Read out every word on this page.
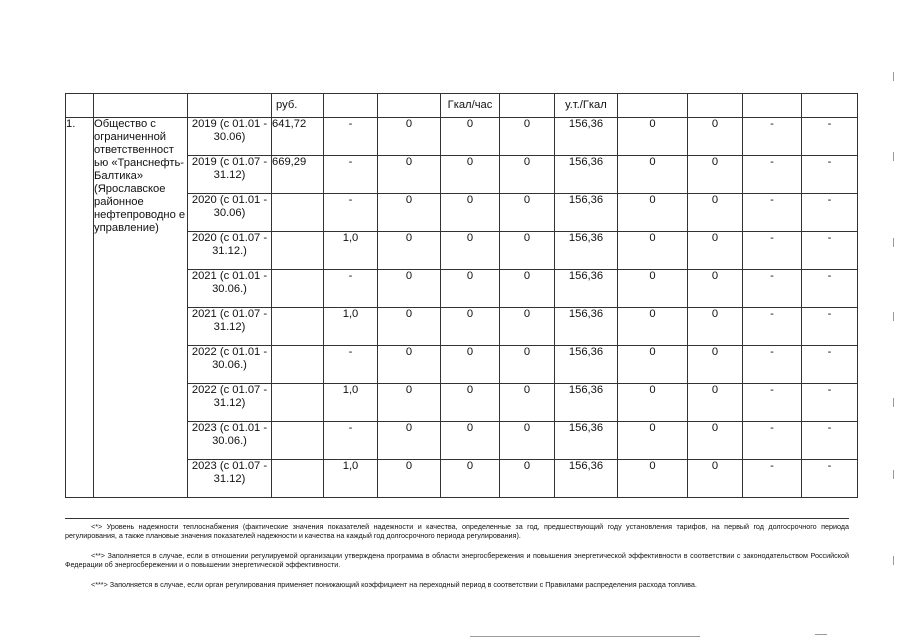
			руб.			Гкал/час		у.т./Гкал				
1.	Общество с ограниченной ответственност ью «Транснефть-Балтика» (Ярославское районное нефтепроводно е управление)	2019 (с 01.01 - 30.06)	641,72	-	0	0	0	156,36	0	0	-	-
		2019 (с 01.07 - 31.12)	669,29	-	0	0	0	156,36	0	0	-	-
		2020 (с 01.01 - 30.06)		-	0	0	0	156,36	0	0	-	-
		2020 (с 01.07 - 31.12.)		1,0	0	0	0	156,36	0	0	-	-
		2021 (с 01.01 - 30.06.)		-	0	0	0	156,36	0	0	-	-
		2021 (с 01.07 - 31.12)		1,0	0	0	0	156,36	0	0	-	-
		2022 (с 01.01 - 30.06.)		-	0	0	0	156,36	0	0	-	-
		2022 (с 01.07 - 31.12)		1,0	0	0	0	156,36	0	0	-	-
		2023 (с 01.01 - 30.06.)		-	0	0	0	156,36	0	0	-	-
		2023 (с 01.07 - 31.12)		1,0	0	0	0	156,36	0	0	-	-

<*> Уровень надежности теплоснабжения (фактические значения показателей надежности и качества, определенные за год, предшествующий году установления тарифов, на первый год долгосрочного периода регулирования, а также плановые значения показателей надежности и качества на каждый год долгосрочного периода регулирования).

<**> Заполняется в случае, если в отношении регулируемой организации утверждена программа в области энергосбережения и повышения энергетической эффективности в соответствии с законодательством Российской Федерации об энергосбережении и о повышении энергетической эффективности.

<***> Заполняется в случае, если орган регулирования применяет понижающий коэффициент на переходный период в соответствии с Правилами распределения расхода топлива.
